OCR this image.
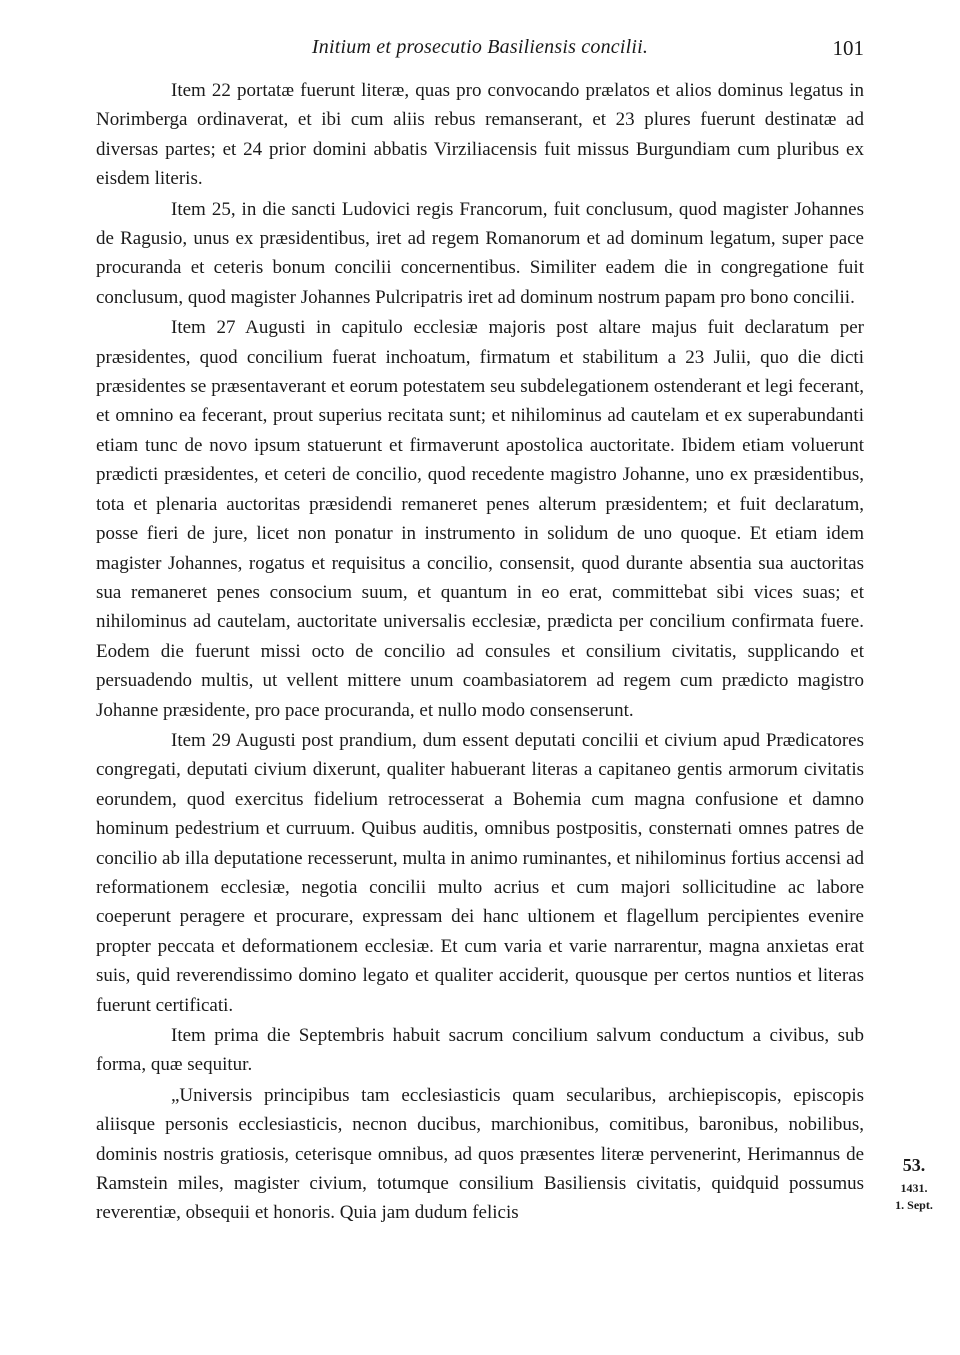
Initium et prosecutio Basiliensis concilii.	101

Item 22 portatæ fuerunt literæ, quas pro convocando prælatos et alios dominus legatus in Norimberga ordinaverat, et ibi cum aliis rebus remanserant, et 23 plures fuerunt destinatæ ad diversas partes; et 24 prior domini abbatis Virziliacensis fuit missus Burgundiam cum pluribus ex eisdem literis.

Item 25, in die sancti Ludovici regis Francorum, fuit conclusum, quod magister Johannes de Ragusio, unus ex præsidentibus, iret ad regem Romanorum et ad dominum legatum, super pace procuranda et ceteris bonum concilii concernentibus. Similiter eadem die in congregatione fuit conclusum, quod magister Johannes Pulcripatris iret ad dominum nostrum papam pro bono concilii.

Item 27 Augusti in capitulo ecclesiæ majoris post altare majus fuit declaratum per præsidentes, quod concilium fuerat inchoatum, firmatum et stabilitum a 23 Julii, quo die dicti præsidentes se præsentaverant et eorum potestatem seu subdelegationem ostenderant et legi fecerant, et omnino ea fecerant, prout superius recitata sunt; et nihilominus ad cautelam et ex superabundanti etiam tunc de novo ipsum statuerunt et firmaverunt apostolica auctoritate. Ibidem etiam voluerunt prædicti præsidentes, et ceteri de concilio, quod recedente magistro Johanne, uno ex præsidentibus, tota et plenaria auctoritas præsidendi remaneret penes alterum præsidentem; et fuit declaratum, posse fieri de jure, licet non ponatur in instrumento in solidum de uno quoque. Et etiam idem magister Johannes, rogatus et requisitus a concilio, consensit, quod durante absentia sua auctoritas sua remaneret penes consocium suum, et quantum in eo erat, committebat sibi vices suas; et nihilominus ad cautelam, auctoritate universalis ecclesiæ, prædicta per concilium confirmata fuere. Eodem die fuerunt missi octo de concilio ad consules et consilium civitatis, supplicando et persuadendo multis, ut vellent mittere unum coambasiatorem ad regem cum prædicto magistro Johanne præsidente, pro pace procuranda, et nullo modo consenserunt.

Item 29 Augusti post prandium, dum essent deputati concilii et civium apud Prædicatores congregati, deputati civium dixerunt, qualiter habuerant literas a capitaneo gentis armorum civitatis eorundem, quod exercitus fidelium retrocesserat a Bohemia cum magna confusione et damno hominum pedestrium et curruum. Quibus auditis, omnibus postpositis, consternati omnes patres de concilio ab illa deputatione recesserunt, multa in animo ruminantes, et nihilominus fortius accensi ad reformationem ecclesiæ, negotia concilii multo acrius et cum majori sollicitudine ac labore coeperunt peragere et procurare, expressam dei hanc ultionem et flagellum percipientes evenire propter peccata et deformationem ecclesiæ. Et cum varia et varie narrarentur, magna anxietas erat suis, quid reverendissimo domino legato et qualiter acciderit, quousque per certos nuntios et literas fuerunt certificati.

Item prima die Septembris habuit sacrum concilium salvum conductum a civibus, sub forma, quæ sequitur.

„Universis principibus tam ecclesiasticis quam secularibus, archiepiscopis, episcopis aliisque personis ecclesiasticis, necnon ducibus, marchionibus, comitibus, baronibus, nobilibus, dominis nostris gratiosis, ceterisque omnibus, ad quos præsentes literæ pervenerint, Herimannus de Ramstein miles, magister civium, totumque consilium Basiliensis civitatis, quidquid possumus reverentiæ, obsequii et honoris. Quia jam dudum felicis

53.
1431.
1. Sept.
